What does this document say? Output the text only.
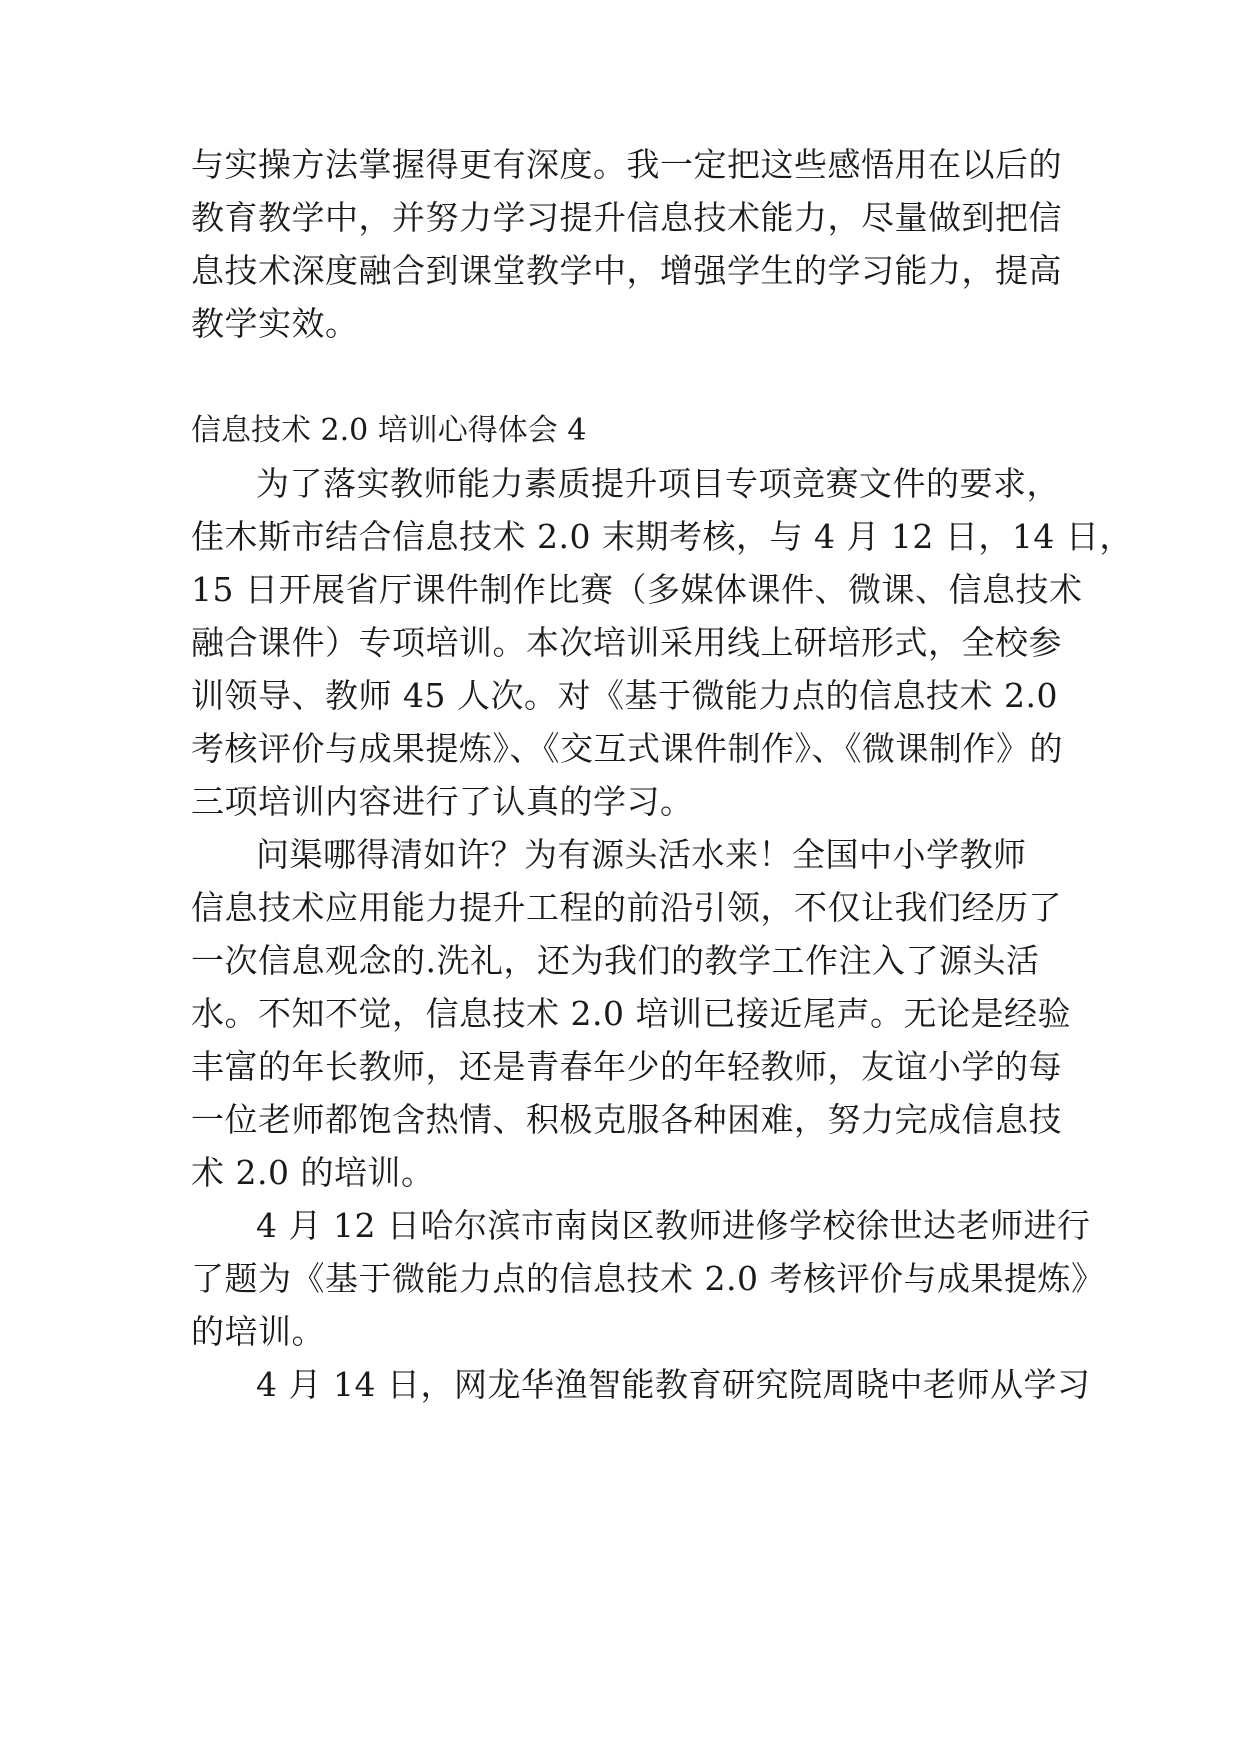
与实操方法掌握得更有深度。我一定把这些感悟用在以后的
教育教学中，并努力学习提升信息技术能力，尽量做到把信
息技术深度融合到课堂教学中，增强学生的学习能力，提高
教学实效。
信息技术 2.0 培训心得体会 4
为了落实教师能力素质提升项目专项竞赛文件的要求，
佳木斯市结合信息技术 2.0 末期考核，与 4 月 12 日，14 日，
15 日开展省厅课件制作比赛（多媒体课件、微课、信息技术
融合课件）专项培训。本次培训采用线上研培形式，全校参
训领导、教师 45 人次。对《基于微能力点的信息技术 2.0
考核评价与成果提炼》、《交互式课件制作》、《微课制作》的
三项培训内容进行了认真的学习。
问渠哪得清如许？为有源头活水来！全国中小学教师
信息技术应用能力提升工程的前沿引领，不仅让我们经历了
一次信息观念的.洗礼，还为我们的教学工作注入了源头活
水。不知不觉，信息技术 2.0 培训已接近尾声。无论是经验
丰富的年长教师，还是青春年少的年轻教师，友谊小学的每
一位老师都饱含热情、积极克服各种困难，努力完成信息技
术 2.0 的培训。
4 月 12 日哈尔滨市南岗区教师进修学校徐世达老师进行
了题为《基于微能力点的信息技术 2.0 考核评价与成果提炼》
的培训。
4 月 14 日，网龙华渔智能教育研究院周晓中老师从学习
